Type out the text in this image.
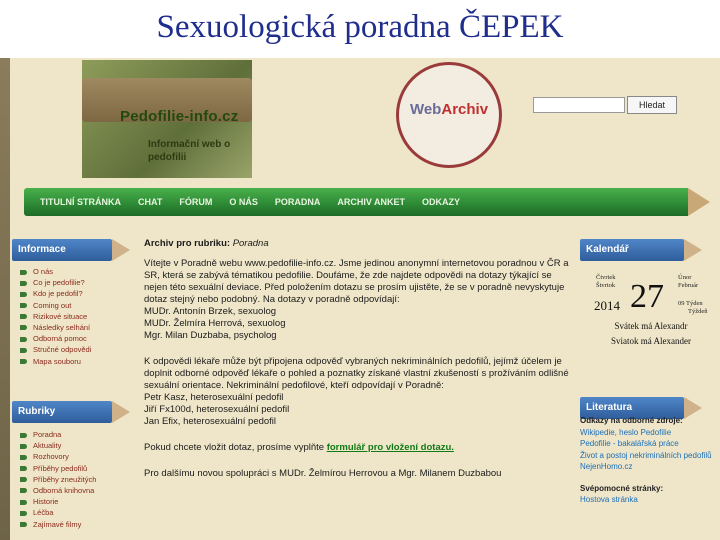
Sexuologická poradna ČEPEK
Pedofilie-info.cz
Informační web o pedofilii
WebArchiv	Hledat
TITULNÍ STRÁNKA CHAT FÓRUM O NÁS PORADNA ARCHIV ANKET ODKAZY
Informace
O nás
Co je pedofilie?
Kdo je pedofil?
Coming out
Rizikové situace
Následky selhání
Odborná pomoc
Stručné odpovědi
Mapa souboru
Rubriky
Poradna
Aktuality
Rozhovory
Příběhy pedofilů
Příběhy zneužitých
Odborná knihovna
Historie
Léčba
Zajímavé filmy
Archiv pro rubriku: Poradna
Vítejte v Poradně webu www.pedofilie-info.cz. Jsme jedinou anonymní internetovou poradnou v ČR a SR, která se zabývá tématikou pedofilie. Doufáme, že zde najdete odpovědi na dotazy týkající se nejen této sexuální deviace. Před položením dotazu se prosím ujistěte, že se v poradně nevyskytuje dotaz stejný nebo podobný. Na dotazy v poradně odpovídají:
MUDr. Antonín Brzek, sexuolog
MUDr. Želmíra Herrová, sexuolog
Mgr. Milan Duzbaba, psycholog
K odpovědi lékaře může být připojena odpověď vybraných nekriminálních pedofilů, jejímž účelem je doplnit odborné odpověď lékaře o pohled a poznatky získané vlastní zkušeností s prožíváním odlišné sexuální orientace. Nekriminální pedofilové, kteří odpovídají v Poradně:
Petr Kasz, heterosexuální pedofil
Jiří Fx100d, heterosexuální pedofil
Jan Efix, heterosexuální pedofil
Pokud chcete vložit dotaz, prosíme vyplňte formulář pro vložení dotazu.
Pro dalšímu novou spolupráci s MUDr. Želmírou Herrovou a Mgr. Milanem Duzbabou
Kalendář
Čtvrtek
Štvrtok
2014 27
Únor
Február
09 Týden
Týždeň
Svátek má Alexandr
Sviatok má Alexander
Literatura
Odkazy na odborné zdroje:
Wikipedie, heslo Pedofilie
Pedofilie - bakalářská práce
Život a postoj nekriminálních pedofilů
NejenHomo.cz
Svépomocné stránky:
Hostova stránka
